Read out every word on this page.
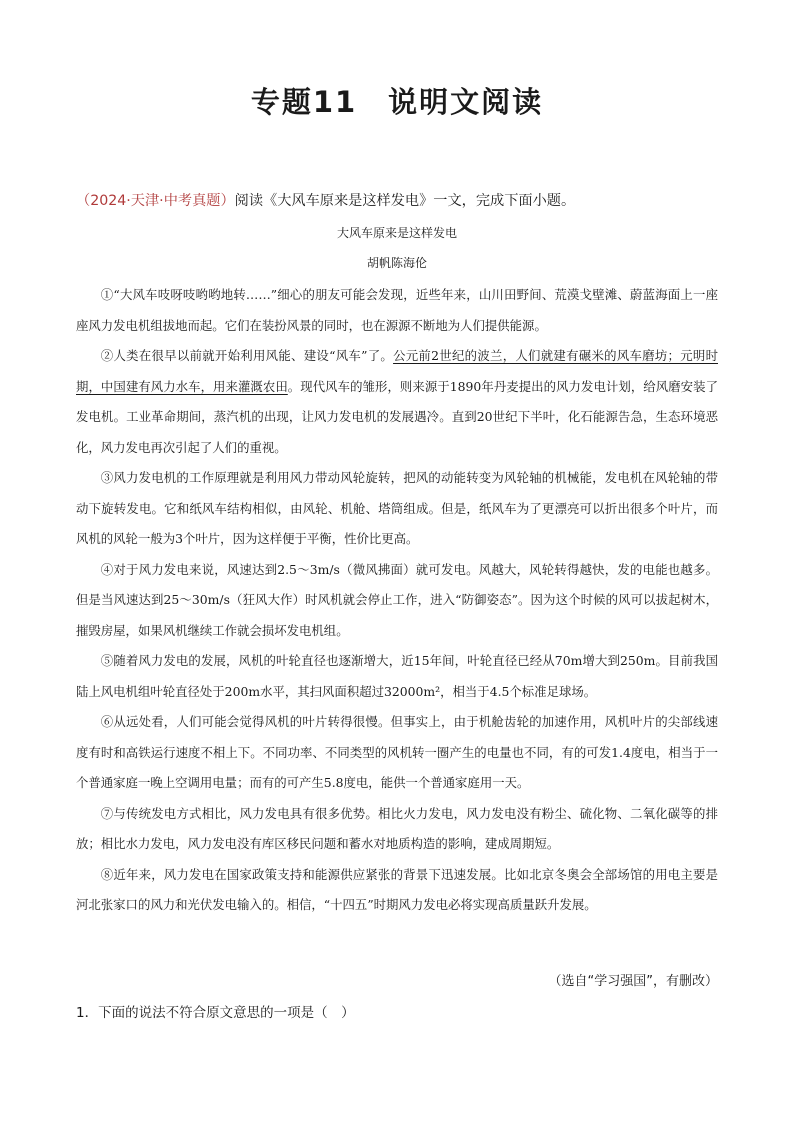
专题11　说明文阅读
（2024·天津·中考真题）阅读《大风车原来是这样发电》一文，完成下面小题。
大风车原来是这样发电
胡帆陈海伦

①“大风车吱呀吱哟哟地转……”细心的朋友可能会发现，近些年来，山川田野间、荒漠戈壁滩、蔚蓝海面上一座座风力发电机组拔地而起。它们在装扮风景的同时，也在源源不断地为人们提供能源。

②人类在很早以前就开始利用风能、建设“风车”了。公元前2世纪的波兰，人们就建有碾米的风车磨坊；元明时期，中国建有风力水车，用来灌溉农田。现代风车的雏形，则来源于1890年丹麦提出的风力发电计划，给风磨安装了发电机。工业革命期间，蒸汽机的出现，让风力发电机的发展遇冷。直到20世纪下半叶，化石能源告急，生态环境恶化，风力发电再次引起了人们的重视。

③风力发电机的工作原理就是利用风力带动风轮旋转，把风的动能转变为风轮轴的机械能，发电机在风轮轴的带动下旋转发电。它和纸风车结构相似，由风轮、机舱、塔筒组成。但是，纸风车为了更漂亮可以折出很多个叶片，而风机的风轮一般为3个叶片，因为这样便于平衡，性价比更高。

④对于风力发电来说，风速达到2.5～3m/s（微风拂面）就可发电。风越大，风轮转得越快，发的电能也越多。但是当风速达到25～30m/s（狂风大作）时风机就会停止工作，进入“防御姿态”。因为这个时候的风可以拔起树木，摧毁房屋，如果风机继续工作就会损坏发电机组。

⑤随着风力发电的发展，风机的叶轮直径也逐渐增大，近15年间，叶轮直径已经从70m增大到250m。目前我国陆上风电机组叶轮直径处于200m水平，其扫风面积超过32000m²，相当于4.5个标准足球场。

⑥从远处看，人们可能会觉得风机的叶片转得很慢。但事实上，由于机舱齿轮的加速作用，风机叶片的尖部线速度有时和高铁运行速度不相上下。不同功率、不同类型的风机转一圈产生的电量也不同，有的可发1.4度电，相当于一个普通家庭一晚上空调用电量；而有的可产生5.8度电，能供一个普通家庭用一天。

⑦与传统发电方式相比，风力发电具有很多优势。相比火力发电，风力发电没有粉尘、硫化物、二氧化碳等的排放；相比水力发电，风力发电没有库区移民问题和蓄水对地质构造的影响，建成周期短。

⑧近年来，风力发电在国家政策支持和能源供应紧张的背景下迅速发展。比如北京冬奥会全部场馆的用电主要是河北张家口的风力和光伏发电输入的。相信，“十四五”时期风力发电必将实现高质量跃升发展。

（选自“学习强国”，有删改）
1．下面的说法不符合原文意思的一项是（　）
